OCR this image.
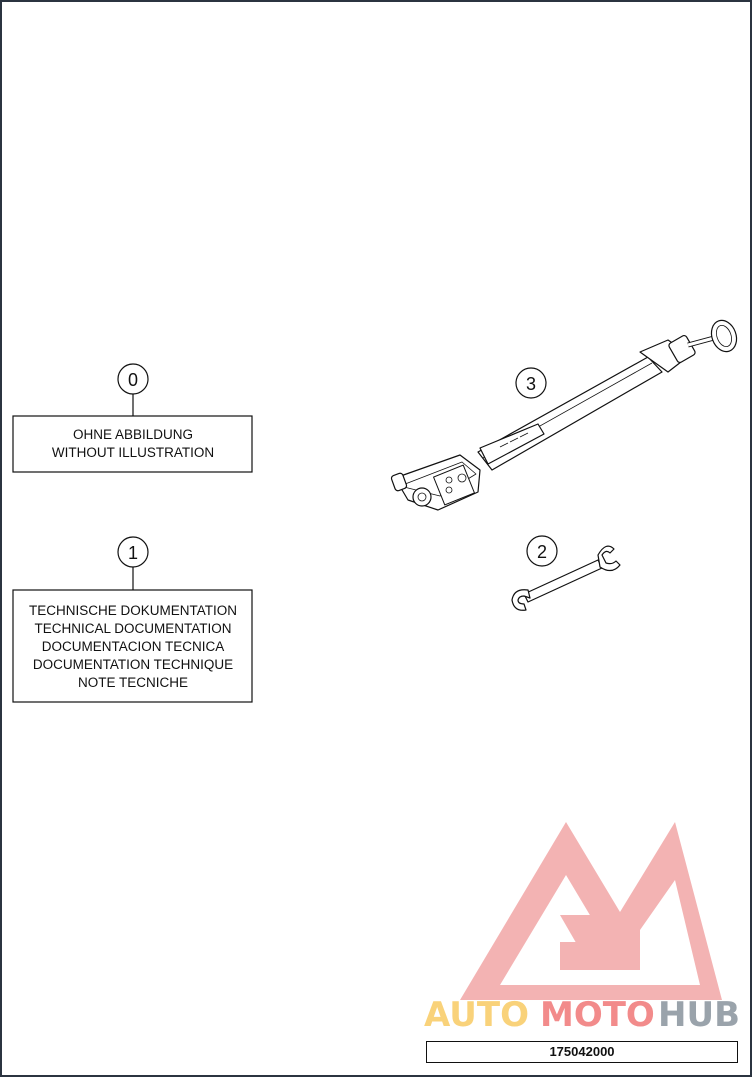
AUTO MOTO HUB
0
OHNE ABBILDUNG
WITHOUT ILLUSTRATION
1
TECHNISCHE DOKUMENTATION
TECHNICAL DOCUMENTATION
DOCUMENTACION TECNICA
DOCUMENTATION TECHNIQUE
NOTE TECNICHE
3
2
175042000
